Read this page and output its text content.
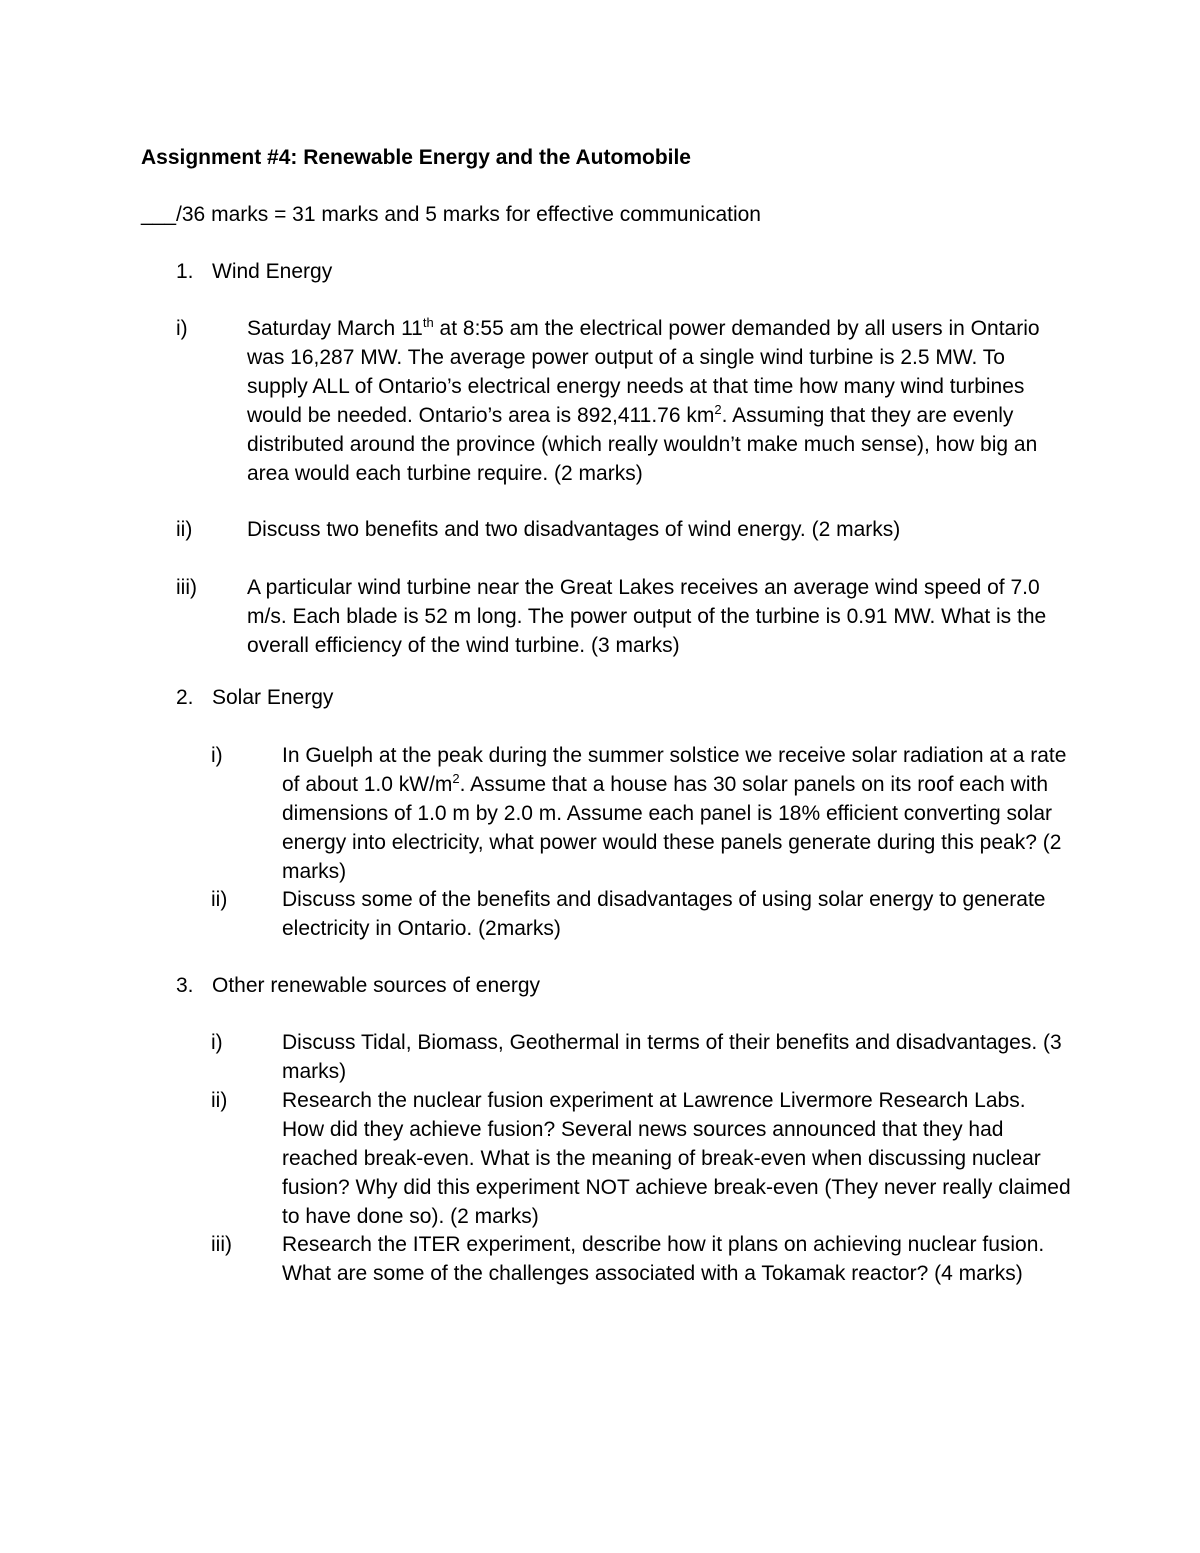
Assignment #4: Renewable Energy and the Automobile
___/36 marks = 31 marks and 5 marks for effective communication
1. Wind Energy
i)	Saturday March 11th at 8:55 am the electrical power demanded by all users in Ontario was 16,287 MW. The average power output of a single wind turbine is 2.5 MW. To supply ALL of Ontario’s electrical energy needs at that time how many wind turbines would be needed. Ontario’s area is 892,411.76 $km^2$. Assuming that they are evenly distributed around the province (which really wouldn’t make much sense), how big an area would each turbine require. (2 marks)
ii)	Discuss two benefits and two disadvantages of wind energy. (2 marks)
iii) A particular wind turbine near the Great Lakes receives an average wind speed of 7.0 m/s. Each blade is 52 m long. The power output of the turbine is 0.91 MW. What is the overall efficiency of the wind turbine. (3 marks)
2. Solar Energy
i)	In Guelph at the peak during the summer solstice we receive solar radiation at a rate of about 1.0 $kW/m^2$. Assume that a house has 30 solar panels on its roof each with dimensions of 1.0 m by 2.0 m. Assume each panel is 18% efficient converting solar energy into electricity, what power would these panels generate during this peak? (2 marks)
ii)	Discuss some of the benefits and disadvantages of using solar energy to generate electricity in Ontario. (2marks)
3. Other renewable sources of energy
i)	Discuss Tidal, Biomass, Geothermal in terms of their benefits and disadvantages. (3 marks)
ii)	Research the nuclear fusion experiment at Lawrence Livermore Research Labs. How did they achieve fusion? Several news sources announced that they had reached break-even. What is the meaning of break-even when discussing nuclear fusion? Why did this experiment NOT achieve break-even (They never really claimed to have done so). (2 marks)
iii) Research the ITER experiment, describe how it plans on achieving nuclear fusion. What are some of the challenges associated with a Tokamak reactor? (4 marks)
